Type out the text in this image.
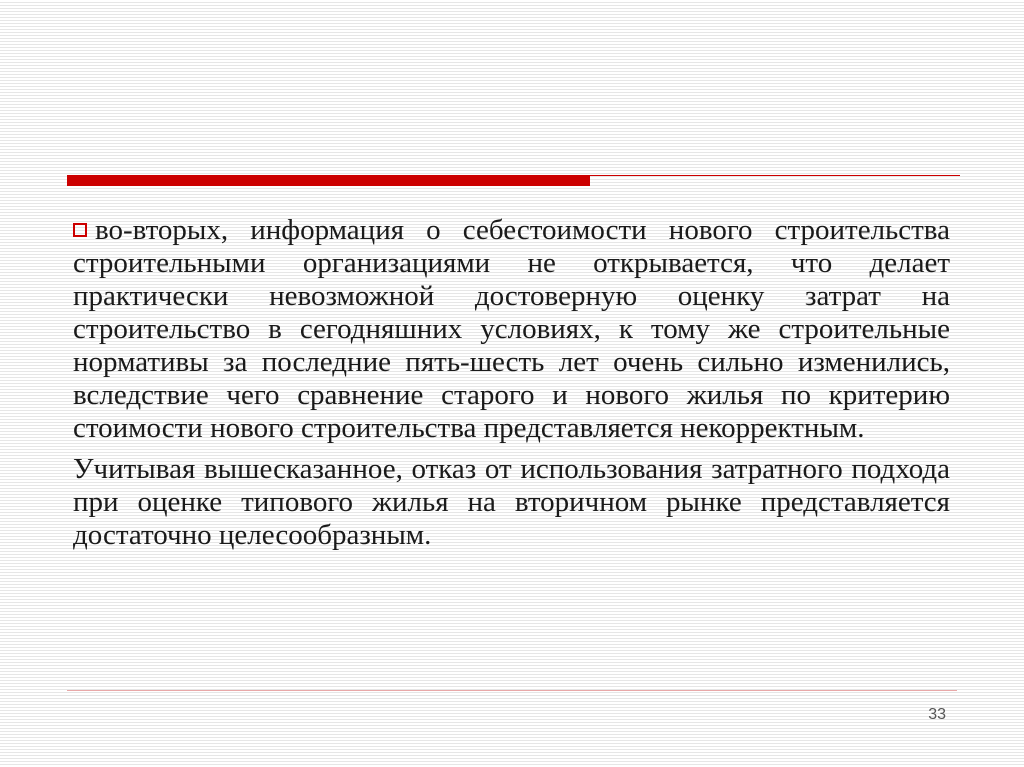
во-вторых, информация о себестоимости нового строительства строительными организациями не открывается, что делает практически невозможной достоверную оценку затрат на строительство в сегодняшних условиях, к тому же строительные нормативы за последние пять-шесть лет очень сильно изменились, вследствие чего сравнение старого и нового жилья по критерию стоимости нового строительства представляется некорректным.

Учитывая вышесказанное, отказ от использования затратного подхода при оценке типового жилья на вторичном рынке представляется достаточно целесообразным.

33
